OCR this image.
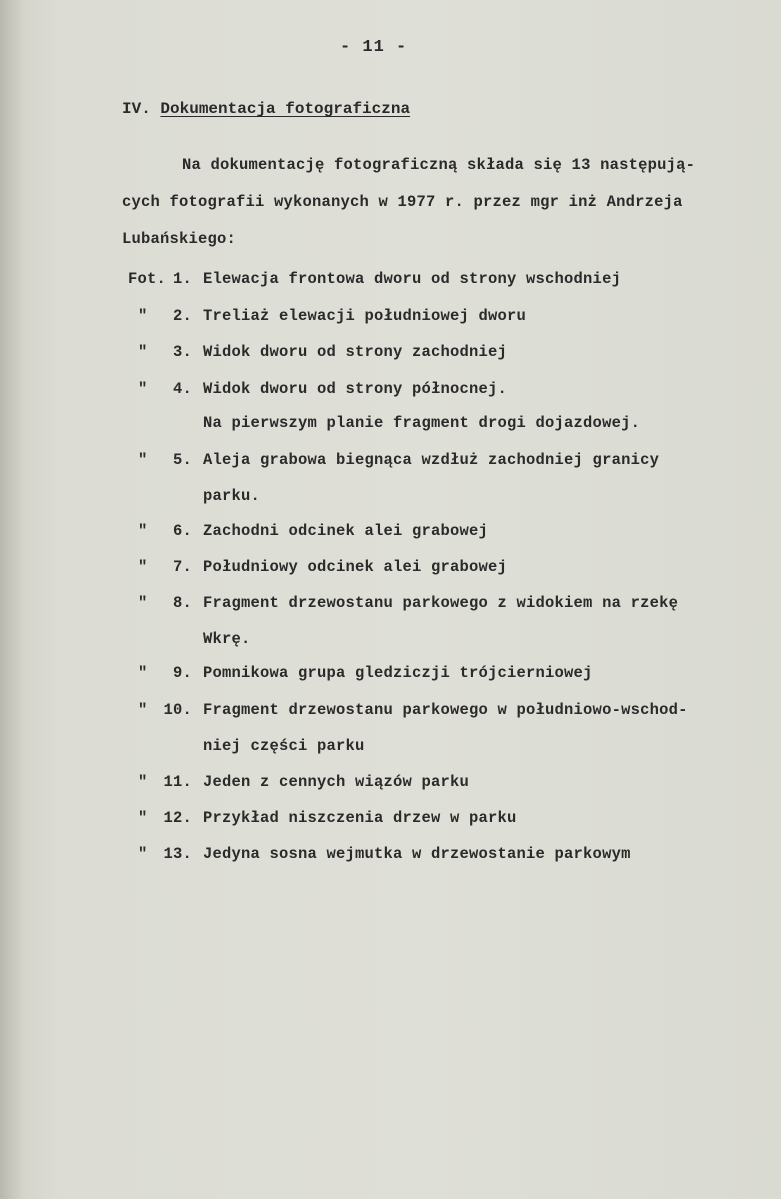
- 11 -
IV. Dokumentacja fotograficzna
Na dokumentację fotograficzną składa się 13 następują-
cych fotografii wykonanych w 1977 r. przez mgr inż Andrzeja
Lubańskiego:
Fot. 1. Elewacja frontowa dworu od strony wschodniej
"	2. Treliaż elewacji południowej dworu
"	3. Widok dworu od strony zachodniej
"	4. Widok dworu od strony północnej.
Na pierwszym planie fragment drogi dojazdowej.
"	5. Aleja grabowa biegnąca wzdłuż zachodniej granicy
parku.
"	6. Zachodni odcinek alei grabowej
"	7. Południowy odcinek alei grabowej
"	8. Fragment drzewostanu parkowego z widokiem na rzekę
Wkrę.
"	9. Pomnikowa grupa gledziczji trójcierniowej
"	10. Fragment drzewostanu parkowego w południowo-wschod-
niej części parku
"	11. Jeden z cennych wiązów parku
"	12. Przykład niszczenia drzew w parku
"	13. Jedyna sosna wejmutka w drzewostanie parkowym
